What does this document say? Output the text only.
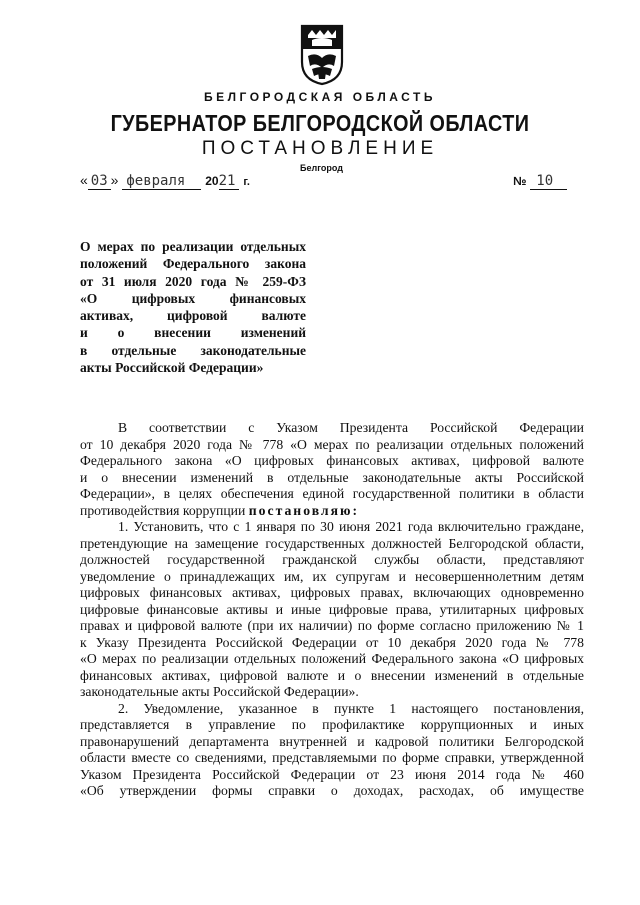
БЕЛГОРОДСКАЯ ОБЛАСТЬ
ГУБЕРНАТОР БЕЛГОРОДСКОЙ ОБЛАСТИ
ПОСТАНОВЛЕНИЕ
Белгород
« 03 » февраля 2021 г.	№ 10
О мерах по реализации отдельных
положений Федерального закона
от 31 июля 2020 года № 259-ФЗ
«О цифровых финансовых
активах, цифровой валюте
и о внесении изменений
в отдельные законодательные
акты Российской Федерации»
В соответствии с Указом Президента Российской Федерации
от 10 декабря 2020 года № 778 «О мерах по реализации отдельных положений
Федерального закона «О цифровых финансовых активах, цифровой валюте
и о внесении изменений в отдельные законодательные акты Российской
Федерации», в целях обеспечения единой государственной политики в области
противодействия коррупции постановляю:
1. Установить, что с 1 января по 30 июня 2021 года включительно граждане,
претендующие на замещение государственных должностей Белгородской области,
должностей государственной гражданской службы области, представляют
уведомление о принадлежащих им, их супругам и несовершеннолетним детям
цифровых финансовых активах, цифровых правах, включающих одновременно
цифровые финансовые активы и иные цифровые права, утилитарных цифровых
правах и цифровой валюте (при их наличии) по форме согласно приложению № 1
к Указу Президента Российской Федерации от 10 декабря 2020 года № 778
«О мерах по реализации отдельных положений Федерального закона «О цифровых
финансовых активах, цифровой валюте и о внесении изменений в отдельные
законодательные акты Российской Федерации».
2. Уведомление, указанное в пункте 1 настоящего постановления,
представляется в управление по профилактике коррупционных и иных
правонарушений департамента внутренней и кадровой политики Белгородской
области вместе со сведениями, представляемыми по форме справки, утвержденной
Указом Президента Российской Федерации от 23 июня 2014 года № 460
«Об утверждении формы справки о доходах, расходах, об имуществе
